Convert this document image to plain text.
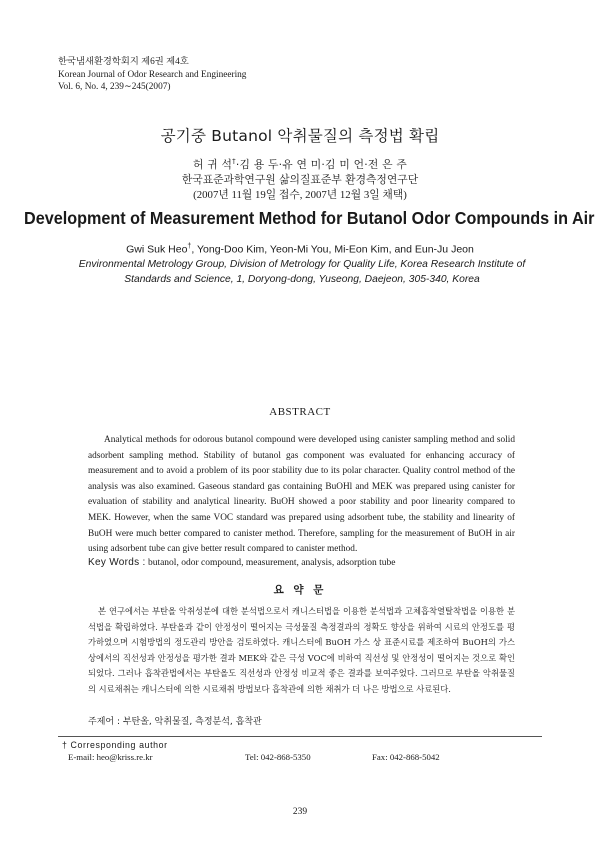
한국냄새환경학회지 제6권 제4호
Korean Journal of Odor Research and Engineering
Vol. 6, No. 4, 239∼245(2007)
공기중 Butanol 악취물질의 측정법 확립
허 귀 석†·김 용 두·유 연 미·김 미 언·전 은 주
한국표준과학연구원 삶의질표준부 환경측정연구단
(2007년 11월 19일 접수, 2007년 12월 3일 채택)
Development of Measurement Method for Butanol Odor Compounds in Air
Gwi Suk Heo†, Yong-Doo Kim, Yeon-Mi You, Mi-Eon Kim, and Eun-Ju Jeon
Environmental Metrology Group, Division of Metrology for Quality Life, Korea Research Institute of Standards and Science, 1, Doryong-dong, Yuseong, Daejeon, 305-340, Korea
ABSTRACT
Analytical methods for odorous butanol compound were developed using canister sampling method and solid adsorbent sampling method. Stability of butanol gas component was evaluated for enhancing accuracy of measurement and to avoid a problem of its poor stability due to its polar character. Quality control method of the analysis was also examined. Gaseous standard gas containing BuOHl and MEK was prepared using canister for evaluation of stability and analytical linearity. BuOH showed a poor stability and poor linearity compared to MEK. However, when the same VOC standard was prepared using adsorbent tube, the stability and linearity of BuOH were much better compared to canister method. Therefore, sampling for the measurement of BuOH in air using adsorbent tube can give better result compared to canister method.
Key Words : butanol, odor compound, measurement, analysis, adsorption tube
요 약 문
본 연구에서는 부탄올 악취성분에 대한 분석법으로서 캐니스터법을 이용한 분석법과 고체흡착열탈착법을 이용한 분석법을 확립하였다. 부탄올과 같이 안정성이 떨어지는 극성물질 측정결과의 정확도 향상을 위하여 시료의 안정도를 평가하였으며 시험방법의 정도관리 방안을 검토하였다. 캐니스터에 BuOH 가스 상 표준시료를 제조하여 BuOH의 가스상에서의 직선성과 안정성을 평가한 결과 MEK와 같은 극성 VOC에 비하여 직선성 및 안정성이 떨어지는 것으로 확인 되었다. 그러나 흡착관법에서는 부탄올도 직선성과 안정성 비교적 좋은 결과를 보여주었다. 그러므로 부탄올 악취물질의 시료채취는 캐니스터에 의한 시료채취 방법보다 흡착관에 의한 채취가 더 나은 방법으로 사료된다.
주제어 : 부탄올, 악취물질, 측정분석, 흡착관
† Corresponding author
E-mail: heo@kriss.re.kr	Tel: 042-868-5350	Fax: 042-868-5042
239
